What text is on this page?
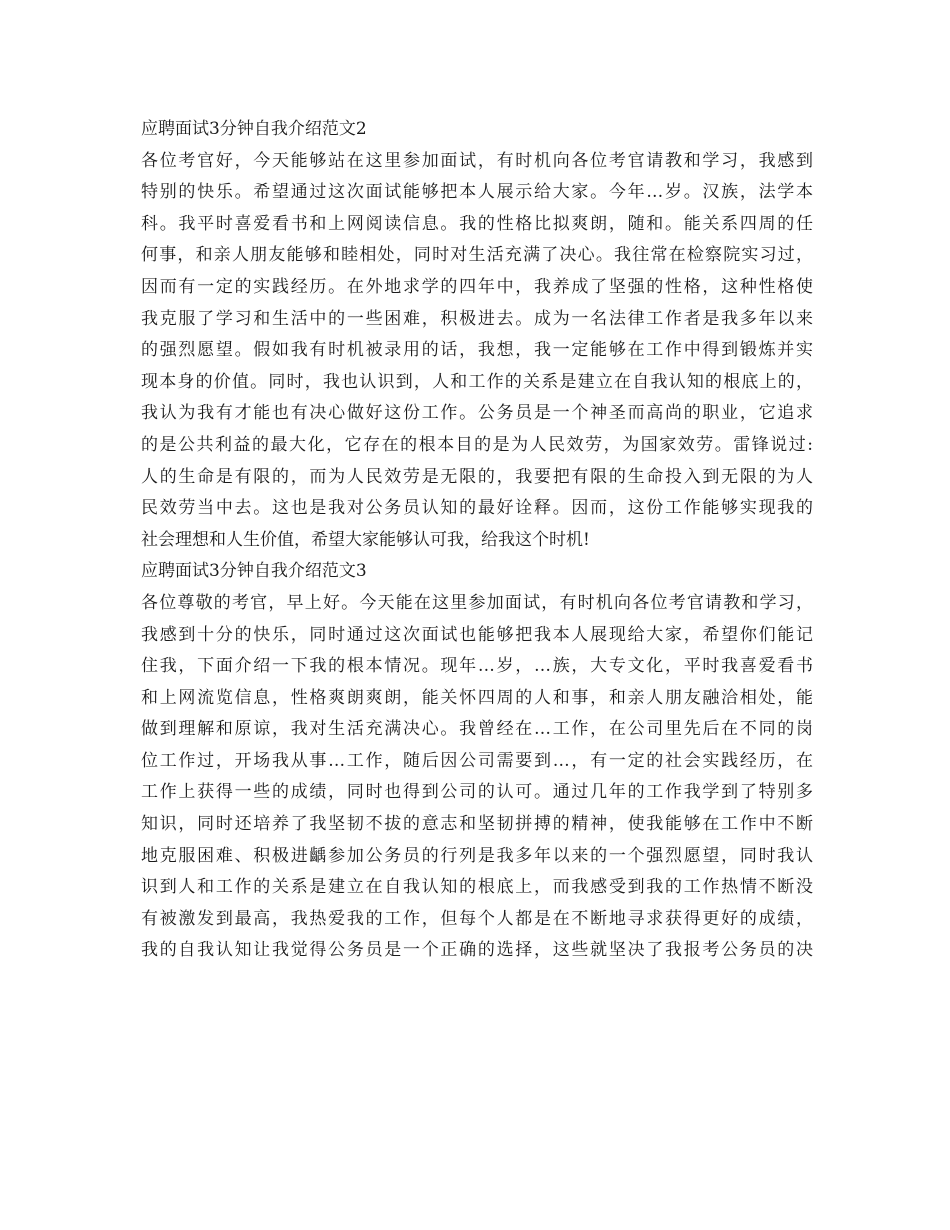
应聘面试3分钟自我介绍范文2
各位考官好，今天能够站在这里参加面试，有时机向各位考官请教和学习，我感到
特别的快乐。希望通过这次面试能够把本人展示给大家。今年…岁。汉族，法学本
科。我平时喜爱看书和上网阅读信息。我的性格比拟爽朗，随和。能关系四周的任
何事，和亲人朋友能够和睦相处，同时对生活充满了决心。我往常在检察院实习过，
因而有一定的实践经历。在外地求学的四年中，我养成了坚强的性格，这种性格使
我克服了学习和生活中的一些困难，积极进去。成为一名法律工作者是我多年以来
的强烈愿望。假如我有时机被录用的话，我想，我一定能够在工作中得到锻炼并实
现本身的价值。同时，我也认识到，人和工作的关系是建立在自我认知的根底上的，
我认为我有才能也有决心做好这份工作。公务员是一个神圣而高尚的职业，它追求
的是公共利益的最大化，它存在的根本目的是为人民效劳，为国家效劳。雷锋说过:
人的生命是有限的，而为人民效劳是无限的，我要把有限的生命投入到无限的为人
民效劳当中去。这也是我对公务员认知的最好诠释。因而，这份工作能够实现我的
社会理想和人生价值，希望大家能够认可我，给我这个时机!
应聘面试3分钟自我介绍范文3
各位尊敬的考官，早上好。今天能在这里参加面试，有时机向各位考官请教和学习，
我感到十分的快乐，同时通过这次面试也能够把我本人展现给大家，希望你们能记
住我，下面介绍一下我的根本情况。现年…岁，…族，大专文化，平时我喜爱看书
和上网流览信息，性格爽朗爽朗，能关怀四周的人和事，和亲人朋友融洽相处，能
做到理解和原谅，我对生活充满决心。我曾经在…工作，在公司里先后在不同的岗
位工作过，开场我从事…工作，随后因公司需要到…，有一定的社会实践经历，在
工作上获得一些的成绩，同时也得到公司的认可。通过几年的工作我学到了特别多
知识，同时还培养了我坚韧不拔的意志和坚韧拼搏的精神，使我能够在工作中不断
地克服困难、积极进齲参加公务员的行列是我多年以来的一个强烈愿望，同时我认
识到人和工作的关系是建立在自我认知的根底上，而我感受到我的工作热情不断没
有被激发到最高，我热爱我的工作，但每个人都是在不断地寻求获得更好的成绩，
我的自我认知让我觉得公务员是一个正确的选择，这些就坚决了我报考公务员的决
